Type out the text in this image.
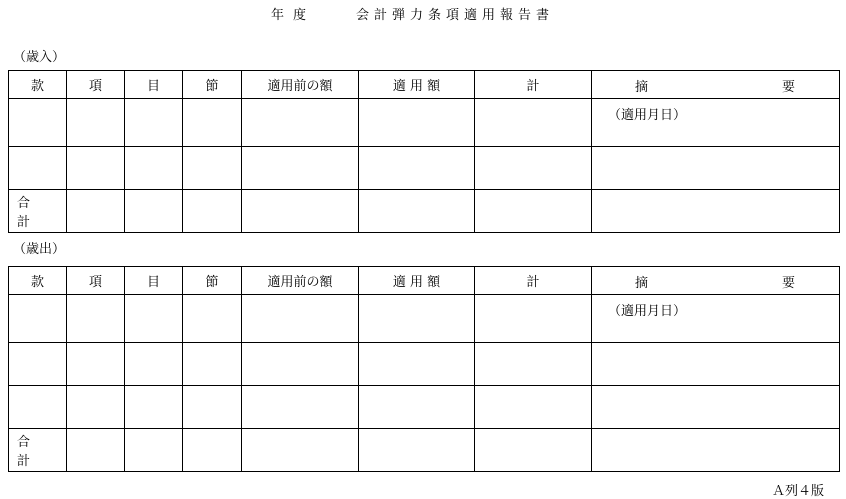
年度	会計弾力条項適用報告書
（歳入）
款	項	目	節	適用前の額	適 用 額	計	摘 要

							（適用月日）

合計							
（歳出）
款	項	目	節	適用前の額	適 用 額	計	摘 要

							（適用月日）

合計							
Ａ列４版
